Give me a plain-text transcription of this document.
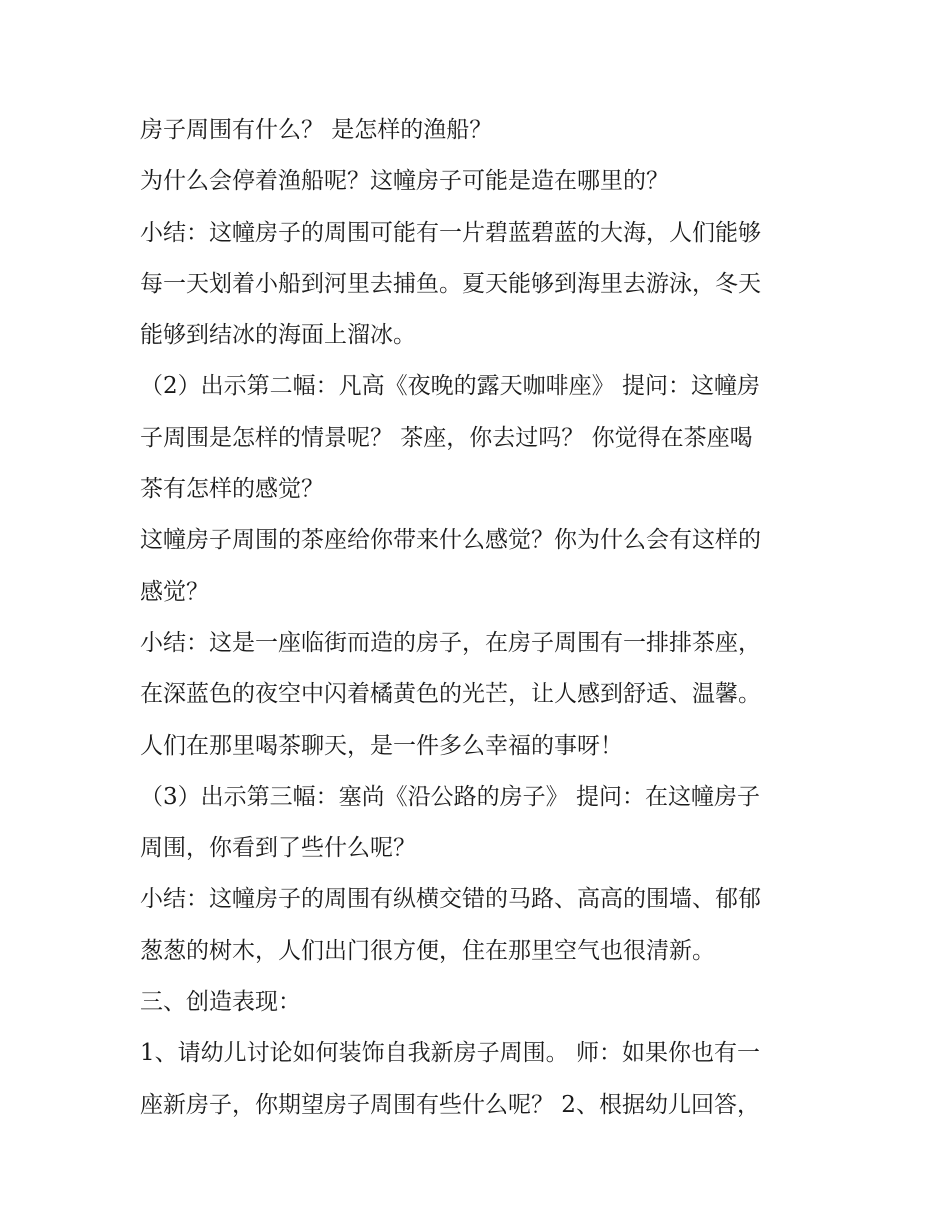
房子周围有什么？ 是怎样的渔船？
为什么会停着渔船呢？这幢房子可能是造在哪里的？
小结：这幢房子的周围可能有一片碧蓝碧蓝的大海，人们能够
每一天划着小船到河里去捕鱼。夏天能够到海里去游泳，冬天
能够到结冰的海面上溜冰。
（2）出示第二幅：凡高《夜晚的露天咖啡座》 提问：这幢房
子周围是怎样的情景呢？ 茶座，你去过吗？ 你觉得在茶座喝
茶有怎样的感觉？
这幢房子周围的茶座给你带来什么感觉？你为什么会有这样的
感觉？
小结：这是一座临街而造的房子，在房子周围有一排排茶座，
在深蓝色的夜空中闪着橘黄色的光芒，让人感到舒适、温馨。
人们在那里喝茶聊天，是一件多么幸福的事呀！
（3）出示第三幅：塞尚《沿公路的房子》 提问：在这幢房子
周围，你看到了些什么呢？
小结：这幢房子的周围有纵横交错的马路、高高的围墙、郁郁
葱葱的树木，人们出门很方便，住在那里空气也很清新。
三、创造表现：
1、请幼儿讨论如何装饰自我新房子周围。 师：如果你也有一
座新房子，你期望房子周围有些什么呢？ 2、根据幼儿回答，
